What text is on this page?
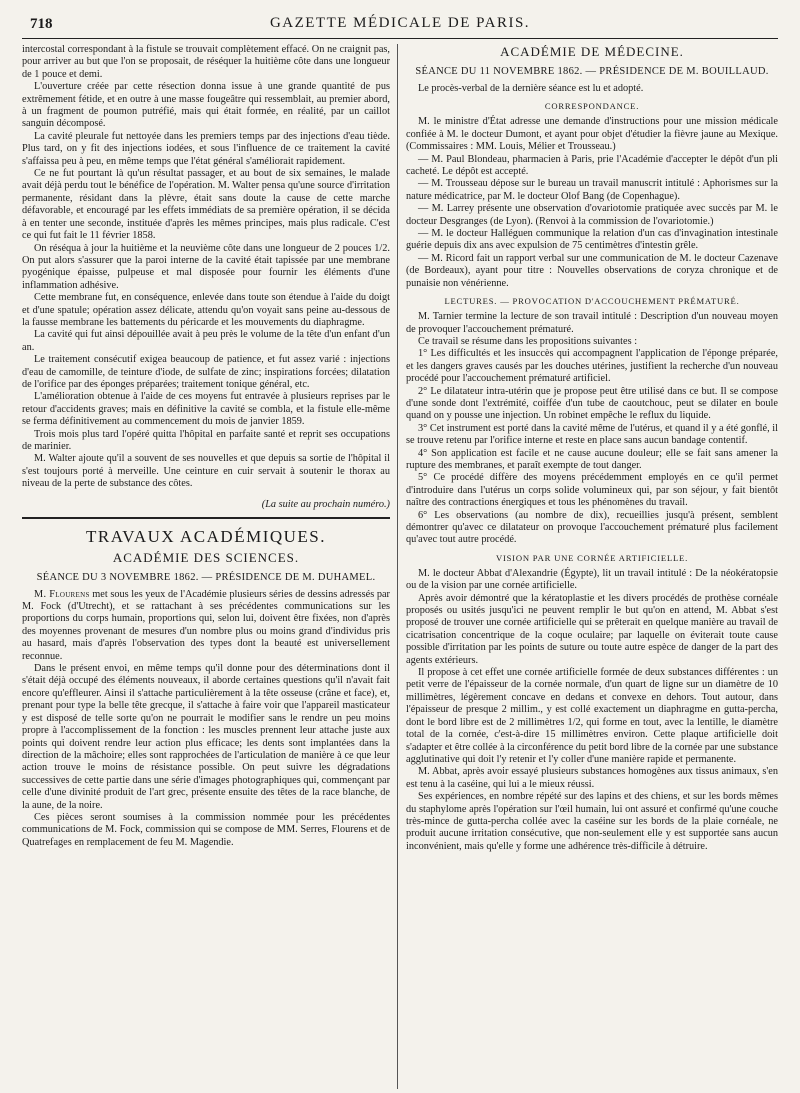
718	GAZETTE MÉDICALE DE PARIS.

intercostal correspondant à la fistule se trouvait complètement effacé. On ne craignit pas, pour arriver au but que l'on se proposait, de réséquer la huitième côte dans une longueur de 1 pouce et demi.

L'ouverture créée par cette résection donna issue à une grande quantité de pus extrêmement fétide, et en outre à une masse fougeâtre qui ressemblait, au premier abord, à un fragment de poumon putréfié, mais qui était formée, en réalité, par un caillot sanguin décomposé.

La cavité pleurale fut nettoyée dans les premiers temps par des injections d'eau tiède. Plus tard, on y fit des injections iodées, et sous l'influence de ce traitement la cavité s'affaissa peu à peu, en même temps que l'état général s'améliorait rapidement.

Ce ne fut pourtant là qu'un résultat passager, et au bout de six semaines, le malade avait déjà perdu tout le bénéfice de l'opération. M. Walter pensa qu'une source d'irritation permanente, résidant dans la plèvre, était sans doute la cause de cette marche défavorable, et encouragé par les effets immédiats de sa première opération, il se décida à en tenter une seconde, instituée d'après les mêmes principes, mais plus radicale. C'est ce qui fut fait le 11 février 1858.

On réséqua à jour la huitième et la neuvième côte dans une longueur de 2 pouces 1/2. On put alors s'assurer que la paroi interne de la cavité était tapissée par une membrane pyogénique épaisse, pulpeuse et mal disposée pour fournir les éléments d'une inflammation adhésive.

Cette membrane fut, en conséquence, enlevée dans toute son étendue à l'aide du doigt et d'une spatule; opération assez délicate, attendu qu'on voyait sans peine au-dessous de la fausse membrane les battements du péricarde et les mouvements du diaphragme.

La cavité qui fut ainsi dépouillée avait à peu près le volume de la tête d'un enfant d'un an.

Le traitement consécutif exigea beaucoup de patience, et fut assez varié : injections d'eau de camomille, de teinture d'iode, de sulfate de zinc; inspirations forcées; dilatation de l'orifice par des éponges préparées; traitement tonique général, etc.

L'amélioration obtenue à l'aide de ces moyens fut entravée à plusieurs reprises par le retour d'accidents graves; mais en définitive la cavité se combla, et la fistule elle-même se ferma définitivement au commencement du mois de janvier 1859.

Trois mois plus tard l'opéré quitta l'hôpital en parfaite santé et reprit ses occupations de marinier.

M. Walter ajoute qu'il a souvent de ses nouvelles et que depuis sa sortie de l'hôpital il s'est toujours porté à merveille. Une ceinture en cuir servait à soutenir le thorax au niveau de la perte de substance des côtes.

(La suite au prochain numéro.)

TRAVAUX ACADÉMIQUES.
ACADÉMIE DES SCIENCES.
SÉANCE DU 3 NOVEMBRE 1862. — PRÉSIDENCE DE M. DUHAMEL.

M. Flourens met sous les yeux de l'Académie plusieurs séries de dessins adressés par M. Fock (d'Utrecht), et se rattachant à ses précédentes communications sur les proportions du corps humain, proportions qui, selon lui, doivent être fixées, non d'après des moyennes provenant de mesures d'un nombre plus ou moins grand d'individus pris au hasard, mais d'après l'observation des types dont la beauté est universellement reconnue.

Dans le présent envoi, en même temps qu'il donne pour des déterminations dont il s'était déjà occupé des éléments nouveaux, il aborde certaines questions qu'il n'avait fait encore qu'effleurer. Ainsi il s'attache particulièrement à la tête osseuse (crâne et face), et, prenant pour type la belle tête grecque, il s'attache à faire voir que l'appareil masticateur y est disposé de telle sorte qu'on ne pourrait le modifier sans le rendre un peu moins propre à l'accomplissement de la fonction : les muscles prennent leur attache juste aux points qui doivent rendre leur action plus efficace; les dents sont implantées dans la direction de la mâchoire; elles sont rapprochées de l'articulation de manière à ce que leur action trouve le moins de résistance possible. On peut suivre les dégradations successives de cette partie dans une série d'images photographiques qui, commençant par celle d'une divinité produit de l'art grec, présente ensuite des têtes de la race blanche, de la aune, de la noire.

Ces pièces seront soumises à la commission nommée pour les précédentes communications de M. Fock, commission qui se compose de MM. Serres, Flourens et de Quatrefages en remplacement de feu M. Magendie.

ACADÉMIE DE MÉDECINE.
SÉANCE DU 11 NOVEMBRE 1862. — PRÉSIDENCE DE M. BOUILLAUD.

Le procès-verbal de la dernière séance est lu et adopté.

CORRESPONDANCE.

M. le ministre d'État adresse une demande d'instructions pour une mission médicale confiée à M. le docteur Dumont, et ayant pour objet d'étudier la fièvre jaune au Mexique. (Commissaires : MM. Louis, Mélier et Trousseau.)

— M. Paul Blondeau, pharmacien à Paris, prie l'Académie d'accepter le dépôt d'un pli cacheté. Le dépôt est accepté.

— M. Trousseau dépose sur le bureau un travail manuscrit intitulé : Aphorismes sur la nature médicatrice, par M. le docteur Olof Bang (de Copenhague).

— M. Larrey présente une observation d'ovariotomie pratiquée avec succès par M. le docteur Desgranges (de Lyon). (Renvoi à la commission de l'ovariotomie.)

— M. le docteur Halléguen communique la relation d'un cas d'invagination intestinale guérie depuis dix ans avec expulsion de 75 centimètres d'intestin grêle.

— M. Ricord fait un rapport verbal sur une communication de M. le docteur Cazenave (de Bordeaux), ayant pour titre : Nouvelles observations de coryza chronique et de punaisie non vénérienne.

LECTURES. — PROVOCATION D'ACCOUCHEMENT PRÉMATURÉ.

M. Tarnier termine la lecture de son travail intitulé : Description d'un nouveau moyen de provoquer l'accouchement prématuré.

Ce travail se résume dans les propositions suivantes :

1° Les difficultés et les insuccès qui accompagnent l'application de l'éponge préparée, et les dangers graves causés par les douches utérines, justifient la recherche d'un nouveau procédé pour l'accouchement prématuré artificiel.

2° Le dilatateur intra-utérin que je propose peut être utilisé dans ce but. Il se compose d'une sonde dont l'extrémité, coiffée d'un tube de caoutchouc, peut se dilater en boule quand on y pousse une injection. Un robinet empêche le reflux du liquide.

3° Cet instrument est porté dans la cavité même de l'utérus, et quand il y a été gonflé, il se trouve retenu par l'orifice interne et reste en place sans aucun bandage contentif.

4° Son application est facile et ne cause aucune douleur; elle se fait sans amener la rupture des membranes, et paraît exempte de tout danger.

5° Ce procédé diffère des moyens précédemment employés en ce qu'il permet d'introduire dans l'utérus un corps solide volumineux qui, par son séjour, y fait bientôt naître des contractions énergiques et tous les phénomènes du travail.

6° Les observations (au nombre de dix), recueillies jusqu'à présent, semblent démontrer qu'avec ce dilatateur on provoque l'accouchement prématuré plus facilement qu'avec tout autre procédé.

VISION PAR UNE CORNÉE ARTIFICIELLE.

M. le docteur Abbat d'Alexandrie (Égypte), lit un travail intitulé : De la néokératopsie ou de la vision par une cornée artificielle.

Après avoir démontré que la kératoplastie et les divers procédés de prothèse cornéale proposés ou usités jusqu'ici ne peuvent remplir le but qu'on en attend, M. Abbat s'est proposé de trouver une cornée artificielle qui se prêterait en quelque manière au travail de cicatrisation concentrique de la coque oculaire; par laquelle on éviterait toute cause possible d'irritation par les points de suture ou toute autre espèce de danger de la part des agents extérieurs.

Il propose à cet effet une cornée artificielle formée de deux substances différentes : un petit verre de l'épaisseur de la cornée normale, d'un quart de ligne sur un diamètre de 10 millimètres, légèrement concave en dedans et convexe en dehors. Tout autour, dans l'épaisseur de presque 2 millim., y est collé exactement un diaphragme en gutta-percha, dont le bord libre est de 2 millimètres 1/2, qui forme en tout, avec la lentille, le diamètre total de la cornée, c'est-à-dire 15 millimètres environ. Cette plaque artificielle doit s'adapter et être collée à la circonférence du petit bord libre de la cornée par une substance agglutinative qui doit l'y retenir et l'y coller d'une manière rapide et permanente.

M. Abbat, après avoir essayé plusieurs substances homogènes aux tissus animaux, s'en est tenu à la caséine, qui lui a le mieux réussi.

Ses expériences, en nombre répété sur des lapins et des chiens, et sur les bords mêmes du staphylome après l'opération sur l'œil humain, lui ont assuré et confirmé qu'une couche très-mince de gutta-percha collée avec la caséine sur les bords de la plaie cornéale, ne produit aucune irritation consécutive, que non-seulement elle y est supportée sans aucun inconvénient, mais qu'elle y forme une adhérence très-difficile à détruire.
